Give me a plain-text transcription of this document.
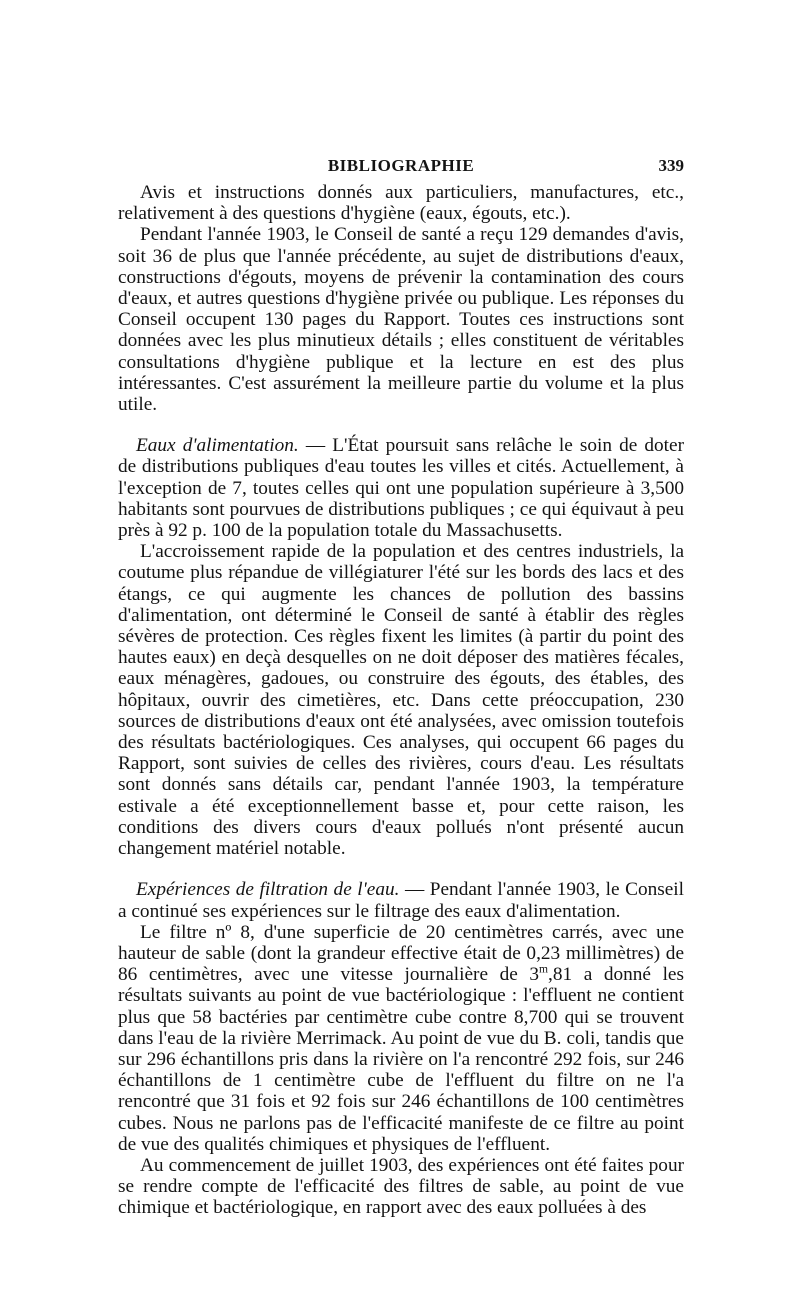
BIBLIOGRAPHIE	339

Avis et instructions donnés aux particuliers, manufactures, etc., relativement à des questions d'hygiène (eaux, égouts, etc.).

Pendant l'année 1903, le Conseil de santé a reçu 129 demandes d'avis, soit 36 de plus que l'année précédente, au sujet de distributions d'eaux, constructions d'égouts, moyens de prévenir la contamination des cours d'eaux, et autres questions d'hygiène privée ou publique. Les réponses du Conseil occupent 130 pages du Rapport. Toutes ces instructions sont données avec les plus minutieux détails ; elles constituent de véritables consultations d'hygiène publique et la lecture en est des plus intéressantes. C'est assurément la meilleure partie du volume et la plus utile.

Eaux d'alimentation. — L'État poursuit sans relâche le soin de doter de distributions publiques d'eau toutes les villes et cités. Actuellement, à l'exception de 7, toutes celles qui ont une population supérieure à 3,500 habitants sont pourvues de distributions publiques ; ce qui équivaut à peu près à 92 p. 100 de la population totale du Massachusetts.

L'accroissement rapide de la population et des centres industriels, la coutume plus répandue de villégiaturer l'été sur les bords des lacs et des étangs, ce qui augmente les chances de pollution des bassins d'alimentation, ont déterminé le Conseil de santé à établir des règles sévères de protection. Ces règles fixent les limites (à partir du point des hautes eaux) en deçà desquelles on ne doit déposer des matières fécales, eaux ménagères, gadoues, ou construire des égouts, des étables, des hôpitaux, ouvrir des cimetières, etc. Dans cette préoccupation, 230 sources de distributions d'eaux ont été analysées, avec omission toutefois des résultats bactériologiques. Ces analyses, qui occupent 66 pages du Rapport, sont suivies de celles des rivières, cours d'eau. Les résultats sont donnés sans détails car, pendant l'année 1903, la température estivale a été exceptionnellement basse et, pour cette raison, les conditions des divers cours d'eaux pollués n'ont présenté aucun changement matériel notable.

Expériences de filtration de l'eau. — Pendant l'année 1903, le Conseil a continué ses expériences sur le filtrage des eaux d'alimentation.

Le filtre nº 8, d'une superficie de 20 centimètres carrés, avec une hauteur de sable (dont la grandeur effective était de 0,23 millimètres) de 86 centimètres, avec une vitesse journalière de 3$^m$,81 a donné les résultats suivants au point de vue bactériologique : l'effluent ne contient plus que 58 bactéries par centimètre cube contre 8,700 qui se trouvent dans l'eau de la rivière Merrimack. Au point de vue du B. coli, tandis que sur 296 échantillons pris dans la rivière on l'a rencontré 292 fois, sur 246 échantillons de 1 centimètre cube de l'effluent du filtre on ne l'a rencontré que 31 fois et 92 fois sur 246 échantillons de 100 centimètres cubes. Nous ne parlons pas de l'efficacité manifeste de ce filtre au point de vue des qualités chimiques et physiques de l'effluent.

Au commencement de juillet 1903, des expériences ont été faites pour se rendre compte de l'efficacité des filtres de sable, au point de vue chimique et bactériologique, en rapport avec des eaux polluées à des
